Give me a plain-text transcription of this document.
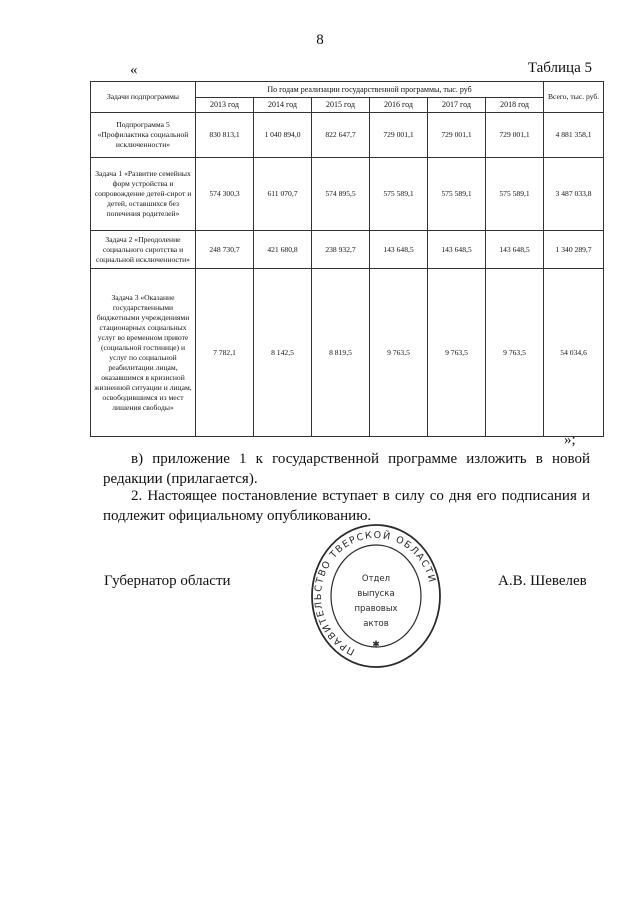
8
«	Таблица 5
Задачи подпрограммы	По годам реализации государственной программы, тыс. руб						Всего, тыс. руб.
	2013 год	2014 год	2015 год	2016 год	2017 год	2018 год	
Подпрограмма 5 «Профилактика социальной исключенности»	830 813,1	1 040 894,0	822 647,7	729 001,1	729 001,1	729 001,1	4 881 358,1
Задача 1 «Развитие семейных форм устройства и сопровождение детей-сирот и детей, оставшихся без попечения родителей»	574 300,3	611 070,7	574 895,5	575 589,1	575 589,1	575 589,1	3 487 033,8
Задача 2 «Преодоление социального сиротства и социальной исключенности»	248 730,7	421 680,8	238 932,7	143 648,5	143 648,5	143 648,5	1 340 289,7
Задача 3 «Оказание государственными бюджетными учреждениями стационарных социальных услуг во временном приюте (социальной гостинице) и услуг по социальной реабилитации лицам, оказавшимся в кризисной жизненной ситуации и лицам, освободившимся из мест лишения свободы»	7 782,1	8 142,5	8 819,5	9 763,5	9 763,5	9 763,5	54 034,6
»;
в) приложение 1 к государственной программе изложить в новой редакции (прилагается).
2. Настоящее постановление вступает в силу со дня его подписания и подлежит официальному опубликованию.
Губернатор области	А.В. Шевелев
ПРАВИТЕЛЬСТВО ТВЕРСКОЙ ОБЛАСТИ
Отдел
выпуска
правовых
актов
✱
